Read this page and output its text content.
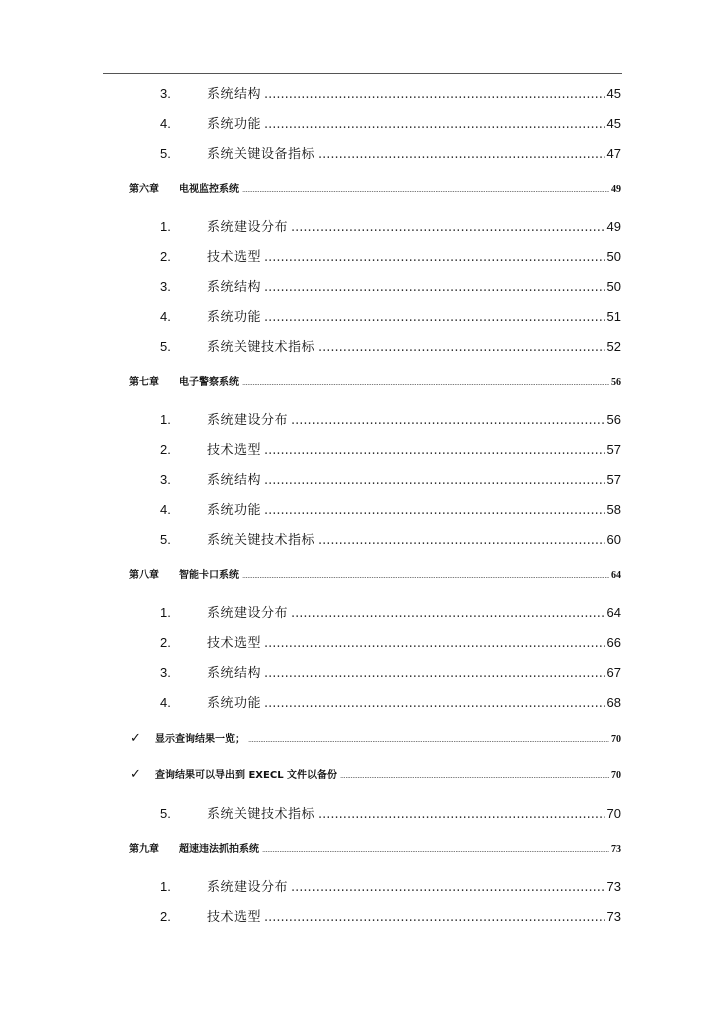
3.	系统结构 .....	45
4.	系统功能 .....	45
5.	系统关键设备指标 .....	47
第六章	电视监控系统 .....	49
1.	系统建设分布 .....	49
2.	技术选型 .....	50
3.	系统结构 .....	50
4.	系统功能 .....	51
5.	系统关键技术指标 .....	52
第七章	电子警察系统 .....	56
1.	系统建设分布 .....	56
2.	技术选型 .....	57
3.	系统结构 .....	57
4.	系统功能 .....	58
5.	系统关键技术指标 .....	60
第八章	智能卡口系统 .....	64
1.	系统建设分布 .....	64
2.	技术选型 .....	66
3.	系统结构 .....	67
4.	系统功能 .....	68
✓	显示查询结果一览； .....	70
✓	查询结果可以导出到 EXECL 文件以备份 .....	70
5.	系统关键技术指标 .....	70
第九章	超速违法抓拍系统 .....	73
1.	系统建设分布 .....	73
2.	技术选型 .....	73
